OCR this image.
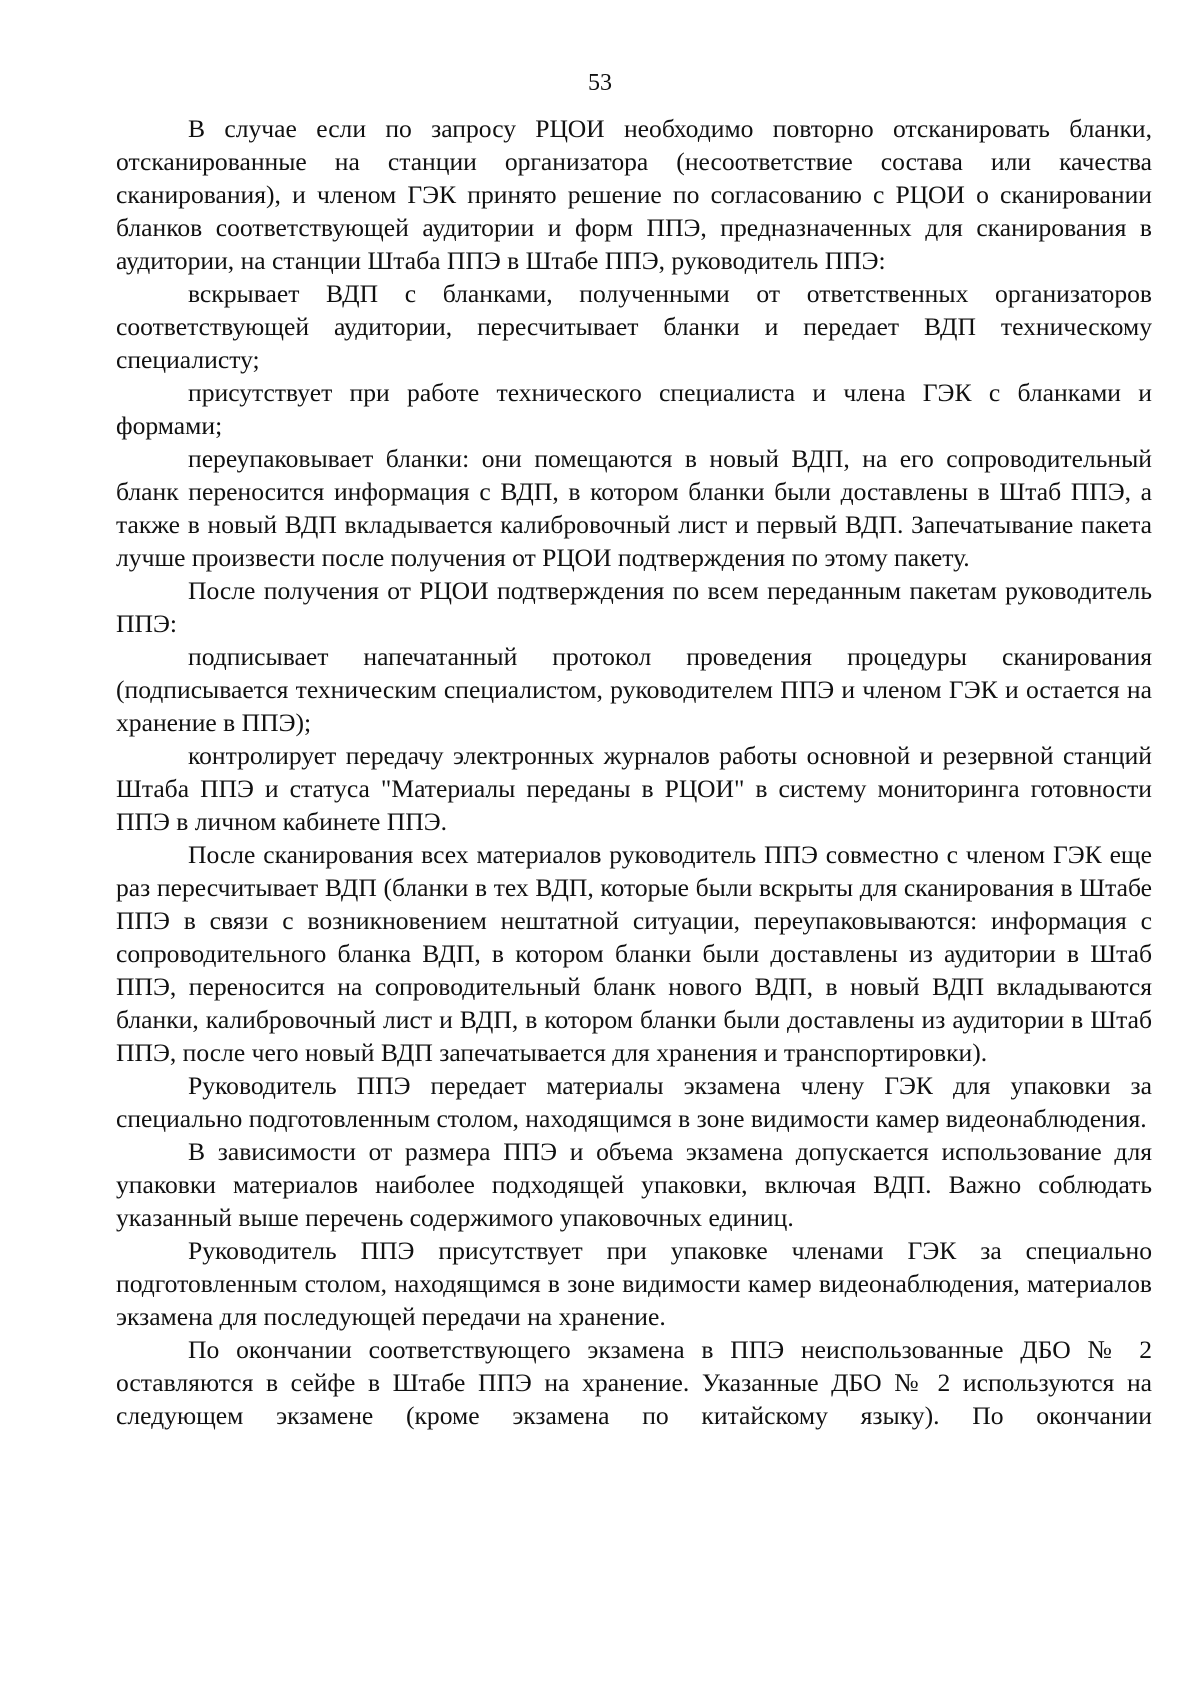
53

В случае если по запросу РЦОИ необходимо повторно отсканировать бланки, отсканированные на станции организатора (несоответствие состава или качества сканирования), и членом ГЭК принято решение по согласованию с РЦОИ о сканировании бланков соответствующей аудитории и форм ППЭ, предназначенных для сканирования в аудитории, на станции Штаба ППЭ в Штабе ППЭ, руководитель ППЭ:

вскрывает ВДП с бланками, полученными от ответственных организаторов соответствующей аудитории, пересчитывает бланки и передает ВДП техническому специалисту;

присутствует при работе технического специалиста и члена ГЭК с бланками и формами;

переупаковывает бланки: они помещаются в новый ВДП, на его сопроводительный бланк переносится информация с ВДП, в котором бланки были доставлены в Штаб ППЭ, а также в новый ВДП вкладывается калибровочный лист и первый ВДП. Запечатывание пакета лучше произвести после получения от РЦОИ подтверждения по этому пакету.

После получения от РЦОИ подтверждения по всем переданным пакетам руководитель ППЭ:

подписывает напечатанный протокол проведения процедуры сканирования (подписывается техническим специалистом, руководителем ППЭ и членом ГЭК и остается на хранение в ППЭ);

контролирует передачу электронных журналов работы основной и резервной станций Штаба ППЭ и статуса "Материалы переданы в РЦОИ" в систему мониторинга готовности ППЭ в личном кабинете ППЭ.

После сканирования всех материалов руководитель ППЭ совместно с членом ГЭК еще раз пересчитывает ВДП (бланки в тех ВДП, которые были вскрыты для сканирования в Штабе ППЭ в связи с возникновением нештатной ситуации, переупаковываются: информация с сопроводительного бланка ВДП, в котором бланки были доставлены из аудитории в Штаб ППЭ, переносится на сопроводительный бланк нового ВДП, в новый ВДП вкладываются бланки, калибровочный лист и ВДП, в котором бланки были доставлены из аудитории в Штаб ППЭ, после чего новый ВДП запечатывается для хранения и транспортировки).

Руководитель ППЭ передает материалы экзамена члену ГЭК для упаковки за специально подготовленным столом, находящимся в зоне видимости камер видеонаблюдения.

В зависимости от размера ППЭ и объема экзамена допускается использование для упаковки материалов наиболее подходящей упаковки, включая ВДП. Важно соблюдать указанный выше перечень содержимого упаковочных единиц.

Руководитель ППЭ присутствует при упаковке членами ГЭК за специально подготовленным столом, находящимся в зоне видимости камер видеонаблюдения, материалов экзамена для последующей передачи на хранение.

По окончании соответствующего экзамена в ППЭ неиспользованные ДБО № 2 оставляются в сейфе в Штабе ППЭ на хранение. Указанные ДБО № 2 используются на следующем экзамене (кроме экзамена по китайскому языку). По окончании
